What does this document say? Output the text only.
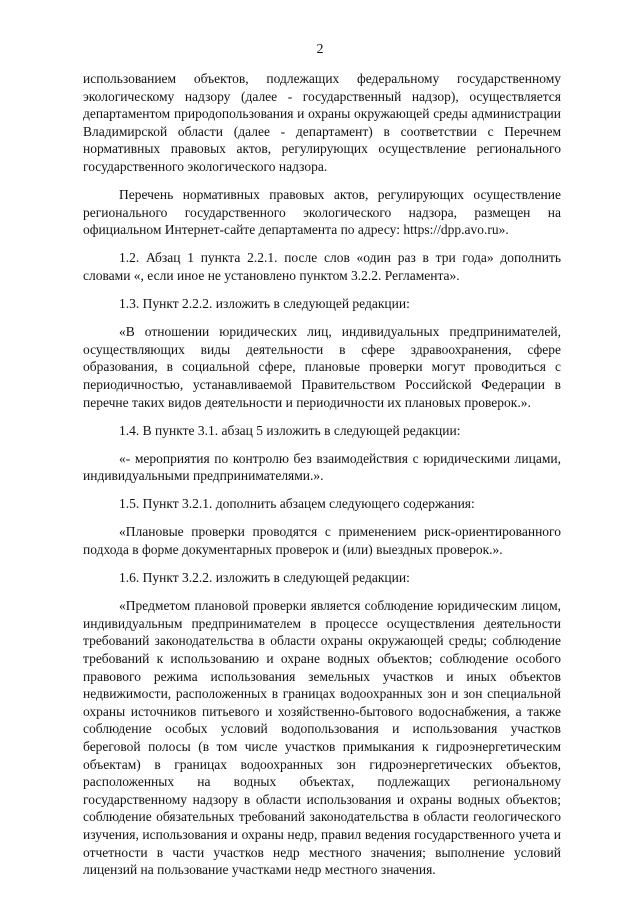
2

использованием объектов, подлежащих федеральному государственному экологическому надзору (далее - государственный надзор), осуществляется департаментом природопользования и охраны окружающей среды администрации Владимирской области (далее - департамент) в соответствии с Перечнем нормативных правовых актов, регулирующих осуществление регионального государственного экологического надзора.

Перечень нормативных правовых актов, регулирующих осуществление регионального государственного экологического надзора, размещен на официальном Интернет-сайте департамента по адресу: https://dpp.avo.ru».

1.2. Абзац 1 пункта 2.2.1. после слов «один раз в три года» дополнить словами «, если иное не установлено пунктом 3.2.2. Регламента».

1.3. Пункт 2.2.2. изложить в следующей редакции:

«В отношении юридических лиц, индивидуальных предпринимателей, осуществляющих виды деятельности в сфере здравоохранения, сфере образования, в социальной сфере, плановые проверки могут проводиться с периодичностью, устанавливаемой Правительством Российской Федерации в перечне таких видов деятельности и периодичности их плановых проверок.».

1.4. В пункте 3.1. абзац 5 изложить в следующей редакции:

«- мероприятия по контролю без взаимодействия с юридическими лицами, индивидуальными предпринимателями.».

1.5. Пункт 3.2.1. дополнить абзацем следующего содержания:

«Плановые проверки проводятся с применением риск-ориентированного подхода в форме документарных проверок и (или) выездных проверок.».

1.6. Пункт 3.2.2. изложить в следующей редакции:

«Предметом плановой проверки является соблюдение юридическим лицом, индивидуальным предпринимателем в процессе осуществления деятельности требований законодательства в области охраны окружающей среды; соблюдение требований к использованию и охране водных объектов; соблюдение особого правового режима использования земельных участков и иных объектов недвижимости, расположенных в границах водоохранных зон и зон специальной охраны источников питьевого и хозяйственно-бытового водоснабжения, а также соблюдение особых условий водопользования и использования участков береговой полосы (в том числе участков примыкания к гидроэнергетическим объектам) в границах водоохранных зон гидроэнергетических объектов, расположенных на водных объектах, подлежащих региональному государственному надзору в области использования и охраны водных объектов; соблюдение обязательных требований законодательства в области геологического изучения, использования и охраны недр, правил ведения государственного учета и отчетности в части участков недр местного значения; выполнение условий лицензий на пользование участками недр местного значения.
